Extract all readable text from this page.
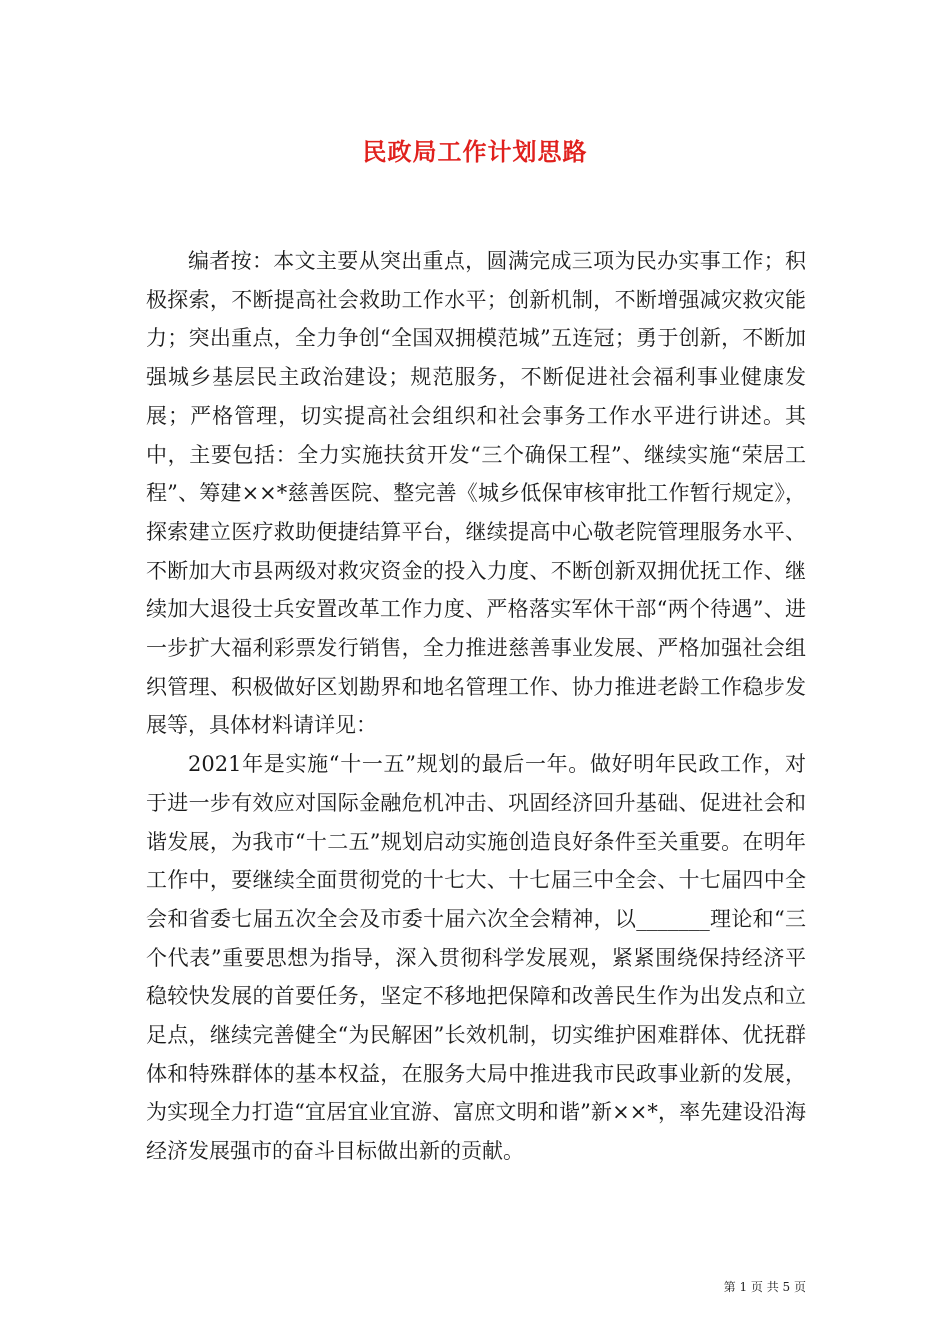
民政局工作计划思路

编者按：本文主要从突出重点，圆满完成三项为民办实事工作；积极探索，不断提高社会救助工作水平；创新机制，不断增强减灾救灾能力；突出重点，全力争创“全国双拥模范城”五连冠；勇于创新，不断加强城乡基层民主政治建设；规范服务，不断促进社会福利事业健康发展；严格管理，切实提高社会组织和社会事务工作水平进行讲述。其中，主要包括：全力实施扶贫开发“三个确保工程”、继续实施“荣居工程”、筹建××*慈善医院、整完善《城乡低保审核审批工作暂行规定》，探索建立医疗救助便捷结算平台，继续提高中心敬老院管理服务水平、不断加大市县两级对救灾资金的投入力度、不断创新双拥优抚工作、继续加大退役士兵安置改革工作力度、严格落实军休干部“两个待遇”、进一步扩大福利彩票发行销售，全力推进慈善事业发展、严格加强社会组织管理、积极做好区划勘界和地名管理工作、协力推进老龄工作稳步发展等，具体材料请详见：

2021年是实施“十一五”规划的最后一年。做好明年民政工作，对于进一步有效应对国际金融危机冲击、巩固经济回升基础、促进社会和谐发展，为我市“十二五”规划启动实施创造良好条件至关重要。在明年工作中，要继续全面贯彻党的十七大、十七届三中全会、十七届四中全会和省委七届五次全会及市委十届六次全会精神，以_______理论和“三个代表”重要思想为指导，深入贯彻科学发展观，紧紧围绕保持经济平稳较快发展的首要任务，坚定不移地把保障和改善民生作为出发点和立足点，继续完善健全“为民解困”长效机制，切实维护困难群体、优抚群体和特殊群体的基本权益，在服务大局中推进我市民政事业新的发展，为实现全力打造“宜居宜业宜游、富庶文明和谐”新××*，率先建设沿海经济发展强市的奋斗目标做出新的贡献。

第 1 页 共 5 页
